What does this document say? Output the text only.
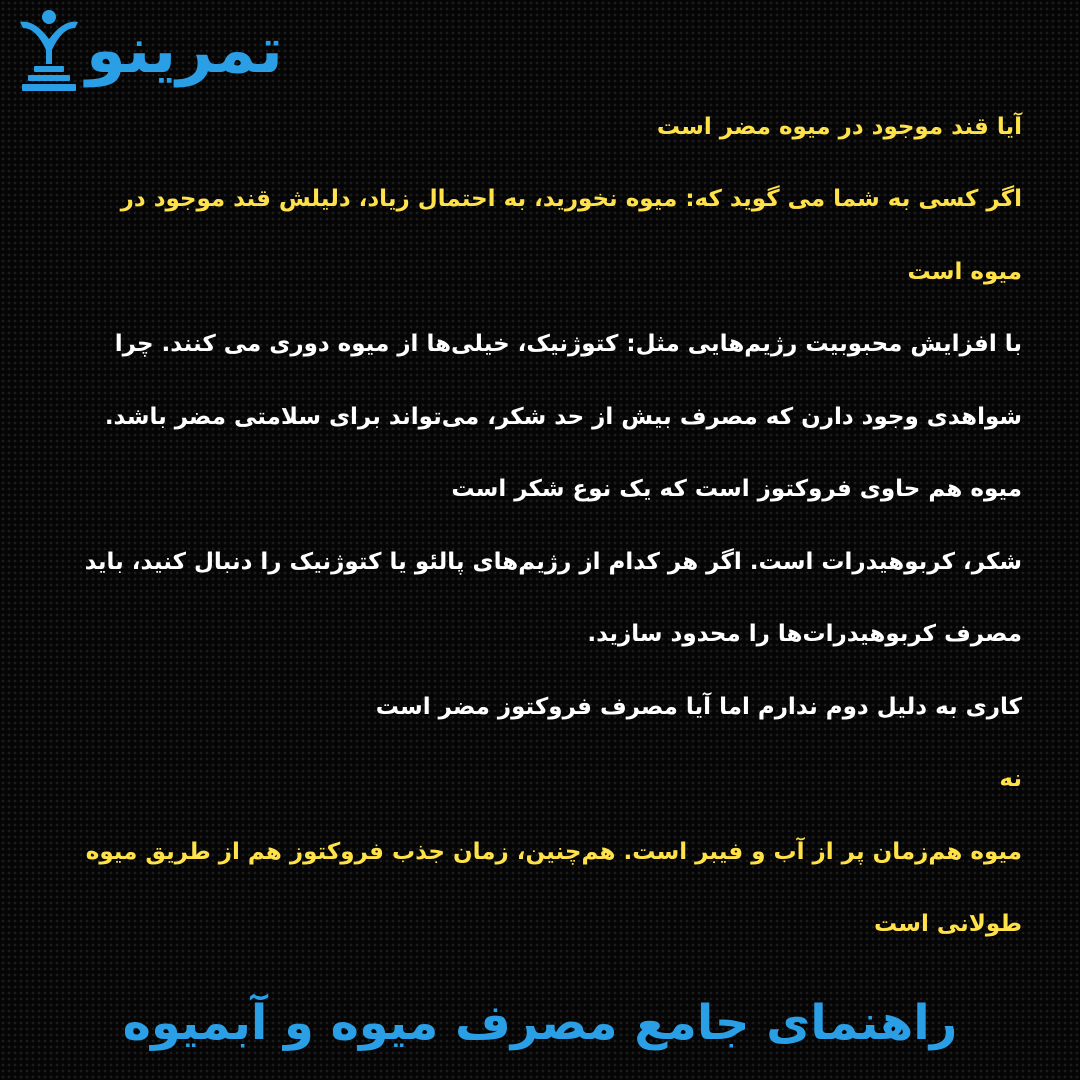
تمرینو

آیا قند موجود در میوه مضر است

اگر کسی به شما می گوید که: میوه نخورید، به احتمال زیاد، دلیلش قند موجود در میوه است

با افزایش محبوبیت رژیم‌هایی مثل: کتوژنیک، خیلی‌ها از میوه دوری می کنند. چرا شواهدی وجود دارن که مصرف بیش از حد شکر، می‌تواند برای سلامتی مضر باشد.

میوه هم حاوی فروکتوز است که یک نوع شکر است

شکر، کربوهیدرات است. اگر هر کدام از رژیم‌های پالئو یا کتوژنیک را دنبال کنید، باید مصرف کربوهیدرات‌ها را محدود سازید.

کاری به دلیل دوم ندارم اما آیا مصرف فروکتوز مضر است

نه

میوه هم‌زمان پر از آب و فیبر است. هم‌چنین، زمان جذب فروکتوز هم از طریق میوه طولانی است

راهنمای جامع مصرف میوه و آبمیوه
